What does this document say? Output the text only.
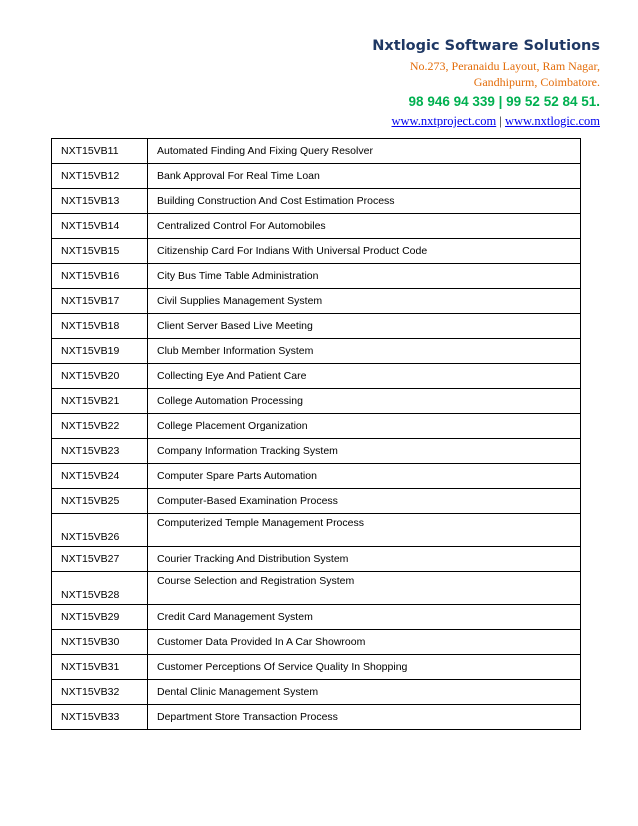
Nxtlogic Software Solutions
No.273, Peranaidu Layout, Ram Nagar,
Gandhipurm, Coimbatore.
98 946 94 339 | 99 52 52 84 51.
www.nxtproject.com | www.nxtlogic.com
NXT15VB11	Automated Finding And Fixing Query Resolver
NXT15VB12	Bank Approval For Real Time Loan
NXT15VB13	Building Construction And Cost Estimation Process
NXT15VB14	Centralized Control For Automobiles
NXT15VB15	Citizenship Card For Indians With Universal Product Code
NXT15VB16	City Bus Time Table Administration
NXT15VB17	Civil Supplies Management System
NXT15VB18	Client Server Based Live Meeting
NXT15VB19	Club Member Information System
NXT15VB20	Collecting Eye And Patient Care
NXT15VB21	College Automation Processing
NXT15VB22	College Placement Organization
NXT15VB23	Company Information Tracking System
NXT15VB24	Computer Spare Parts Automation
NXT15VB25	Computer-Based Examination Process
NXT15VB26	Computerized Temple Management Process
NXT15VB27	Courier Tracking And Distribution System
NXT15VB28	Course Selection and Registration System
NXT15VB29	Credit Card Management System
NXT15VB30	Customer Data Provided In A Car Showroom
NXT15VB31	Customer Perceptions Of Service Quality In Shopping
NXT15VB32	Dental Clinic Management System
NXT15VB33	Department Store Transaction Process
